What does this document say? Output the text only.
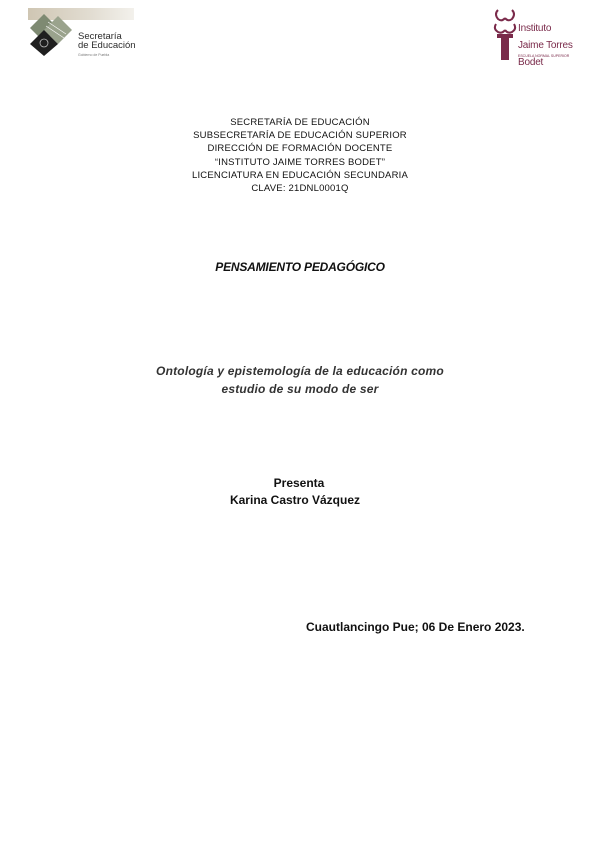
Secretaría
de Educación
Gobierno de Puebla
Instituto
Jaime Torres Bodet
ESCUELA NORMAL SUPERIOR
SECRETARÍA DE EDUCACIÓN
SUBSECRETARÍA DE EDUCACIÓN SUPERIOR
DIRECCIÓN DE FORMACIÓN DOCENTE
“INSTITUTO JAIME TORRES BODET”
LICENCIATURA EN EDUCACIÓN SECUNDARIA
CLAVE: 21DNL0001Q
PENSAMIENTO PEDAGÓGICO
Ontología y epistemología de la educación como
estudio de su modo de ser
Presenta
Karina Castro Vázquez
Cuautlancingo Pue; 06 De Enero 2023.
